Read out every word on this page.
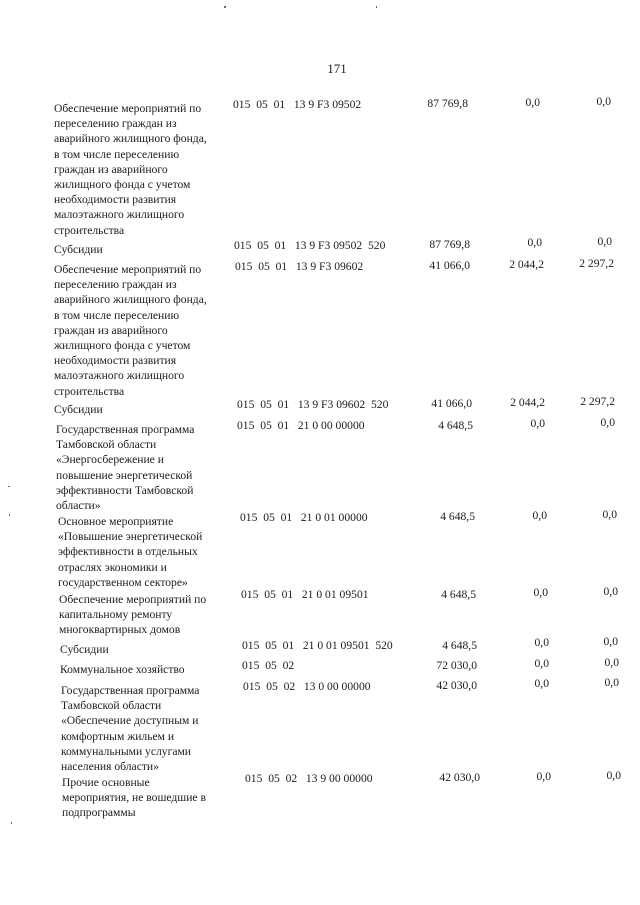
171
Обеспечение мероприятий по
переселению граждан из
аварийного жилищного фонда,
в том числе переселению
граждан из аварийного
жилищного фонда с учетом
необходимости развития
малоэтажного жилищного
строительства
015  05  01   13 9 F3 09502	87 769,8	0,0	0,0
Субсидии	015  05  01   13 9 F3 09502  520	87 769,8	0,0	0,0
Обеспечение мероприятий по
переселению граждан из
аварийного жилищного фонда,
в том числе переселению
граждан из аварийного
жилищного фонда с учетом
необходимости развития
малоэтажного жилищного
строительства
015  05  01   13 9 F3 09602	41 066,0	2 044,2	2 297,2
Субсидии	015  05  01   13 9 F3 09602  520	41 066,0	2 044,2	2 297,2
Государственная программа
Тамбовской области
«Энергосбережение и
повышение энергетической
эффективности Тамбовской
области»
015  05  01   21 0 00 00000	4 648,5	0,0	0,0
Основное мероприятие
«Повышение энергетической
эффективности в отдельных
отраслях экономики и
государственном секторе»
015  05  01   21 0 01 00000	4 648,5	0,0	0,0
Обеспечение мероприятий по
капитальному ремонту
многоквартирных домов
015  05  01   21 0 01 09501	4 648,5	0,0	0,0
Субсидии	015  05  01   21 0 01 09501  520	4 648,5	0,0	0,0
Коммунальное хозяйство	015  05  02	72 030,0	0,0	0,0
Государственная программа
Тамбовской области
«Обеспечение доступным и
комфортным жильем и
коммунальными услугами
населения области»
015  05  02   13 0 00 00000	42 030,0	0,0	0,0
Прочие основные
мероприятия, не вошедшие в
подпрограммы
015  05  02   13 9 00 00000	42 030,0	0,0	0,0
